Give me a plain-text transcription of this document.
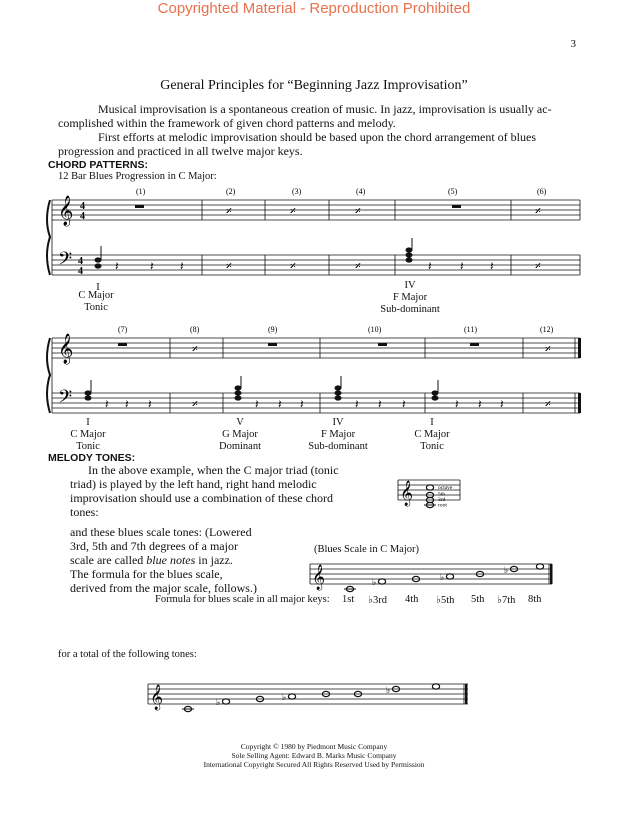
Copyrighted Material - Reproduction Prohibited
3
General Principles for “Beginning Jazz Improvisation”
Musical improvisation is a spontaneous creation of music. In jazz, improvisation is usually ac-
complished within the framework of given chord patterns and melody.
First efforts at melodic improvisation should be based upon the chord arrangement of blues
progression and practiced in all twelve major keys.
CHORD PATTERNS:
12 Bar Blues Progression in C Major:
𝄞
𝄢
4
4
4
4
𝄎	𝄎	𝄎	𝄎
𝄎	𝄎	𝄎	𝄎
𝄽	𝄽 𝄽	𝄽 𝄽 𝄽
(1)	(2)	(3)	(4)	(5)	(6)
I
C Major
Tonic
IV
F Major
Sub-dominant
𝄞
𝄢
𝄎
𝄎
𝄎
𝄎
𝄽 𝄽 𝄽	𝄽 𝄽 𝄽	𝄽 𝄽 𝄽	𝄽 𝄽 𝄽
(7)	(8)	(9)	(10)	(11)	(12)
I
C Major
Tonic
V
G Major
Dominant
IV
F Major
Sub-dominant
I
C Major
Tonic
MELODY TONES:
In the above example, when the C major triad (tonic
triad) is played by the left hand, right hand melodic
improvisation should use a combination of these chord
tones:
𝄞	octave
5th
3rd
root
and these blues scale tones: (Lowered
3rd, 5th and 7th degrees of a major
scale are called blue notes in jazz.
The formula for the blues scale,
derived from the major scale, follows.)
(Blues Scale in C Major)
𝄞	♭	♭
♭
Formula for blues scale in all major keys: 1st ♭3rd 4th ♭5th 5th ♭7th 8th
for a total of the following tones:
𝄞	♭	♭
♭
Copyright © 1980 by Piedmont Music Company
Sole Selling Agent: Edward B. Marks Music Company
International Copyright Secured All Rights Reserved Used by Permission
